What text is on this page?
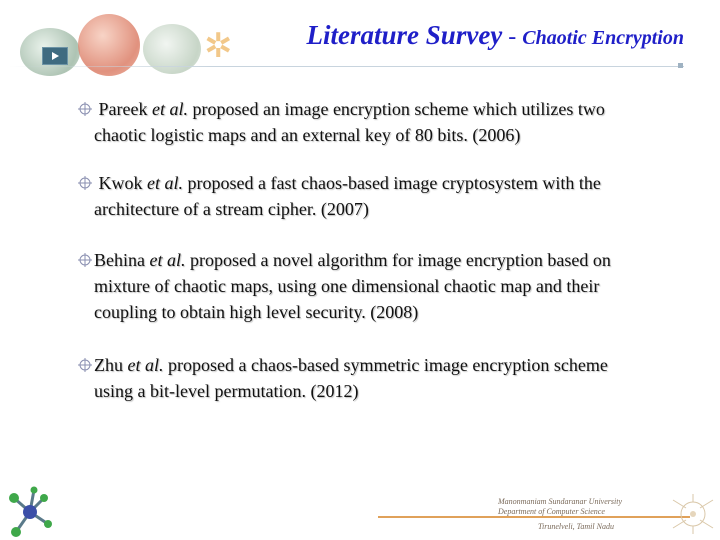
✲	Literature Survey - Chaotic Encryption
Pareek et al. proposed an image encryption scheme which utilizes two
chaotic logistic maps and an external key of 80 bits. (2006)
Kwok et al. proposed a fast chaos-based image cryptosystem with the
architecture of a stream cipher. (2007)
Behina et al. proposed a novel algorithm for image encryption based on
mixture of chaotic maps, using one dimensional chaotic map and their
coupling to obtain high level security. (2008)
Zhu et al. proposed a chaos-based symmetric image encryption scheme
using a bit-level permutation. (2012)
Manonmaniam Sundaranar University
Department of Computer Science
Tirunelveli, Tamil Nadu
